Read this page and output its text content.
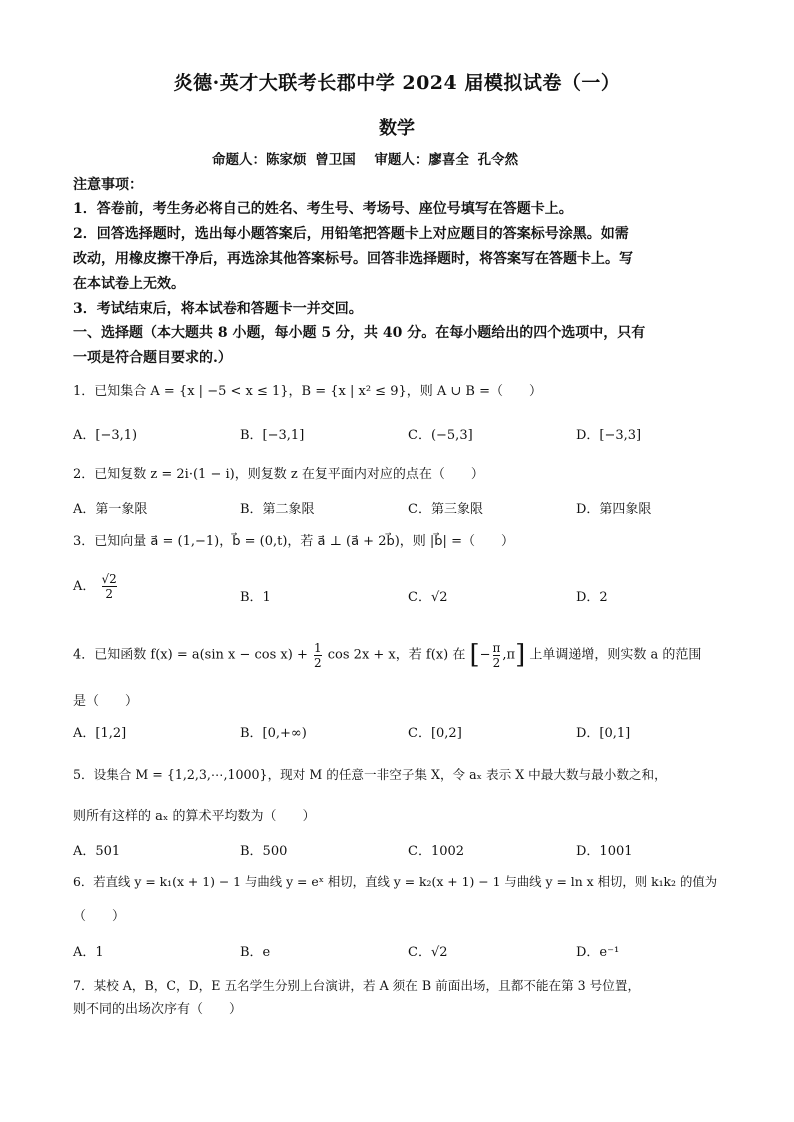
炎德·英才大联考长郡中学 2024 届模拟试卷（一）
数学
命题人：陈家烦 曾卫国 审题人：廖喜全 孔令然
注意事项：
1．答卷前，考生务必将自己的姓名、考生号、考场号、座位号填写在答题卡上。
2．回答选择题时，选出每小题答案后，用铅笔把答题卡上对应题目的答案标号涂黑。如需
改动，用橡皮擦干净后，再选涂其他答案标号。回答非选择题时，将答案写在答题卡上。写
在本试卷上无效。
3．考试结束后，将本试卷和答题卡一并交回。
一、选择题（本大题共 8 小题，每小题 5 分，共 40 分。在每小题给出的四个选项中，只有
一项是符合题目要求的.）
1．已知集合 A = {x | −5 < x ≤ 1}，B = {x | x² ≤ 9}，则 A ∪ B =（　　）
A．[−3,1)	B．[−3,1]	C．(−5,3]	D．[−3,3]
2．已知复数 z = 2i·(1 − i)，则复数 z 在复平面内对应的点在（　　）
A．第一象限	B．第二象限	C．第三象限	D．第四象限
3．已知向量 a⃗ = (1,−1)，b⃗ = (0,t)，若 a⃗ ⊥ (a⃗ + 2b⃗)，则 |b⃗| =（　　）
A． $\frac{√2}{2}$	B．1	C．√2	D．2
4．已知函数 f(x) = a(sin $x - \cos x) + \frac{1}{2}$ cos 2x + x，若 f(x) 在 [− $\frac{\pi}{2} ,\pi$] 上单调递增，则实数 a 的范围
是（　　）
A．[1,2]	B．[0,+∞)	C．[0,2]	D．[0,1]
5．设集合 M = {1,2,3,⋯,1000}，现对 M 的任意一非空子集 X，令 aₓ 表示 X 中最大数与最小数之和，
则所有这样的 aₓ 的算术平均数为（　　）
A．501	B．500	C．1002	D．1001
6．若直线 y = k₁(x + 1) − 1 与曲线 y = eˣ 相切，直线 y = k₂(x + 1) − 1 与曲线 y = ln x 相切，则 k₁k₂ 的值为
（　　）
A．1	B．e	C．√2	D．e⁻¹
7．某校 A，B，C，D，E 五名学生分别上台演讲，若 A 须在 B 前面出场，且都不能在第 3 号位置，
则不同的出场次序有（　　）
